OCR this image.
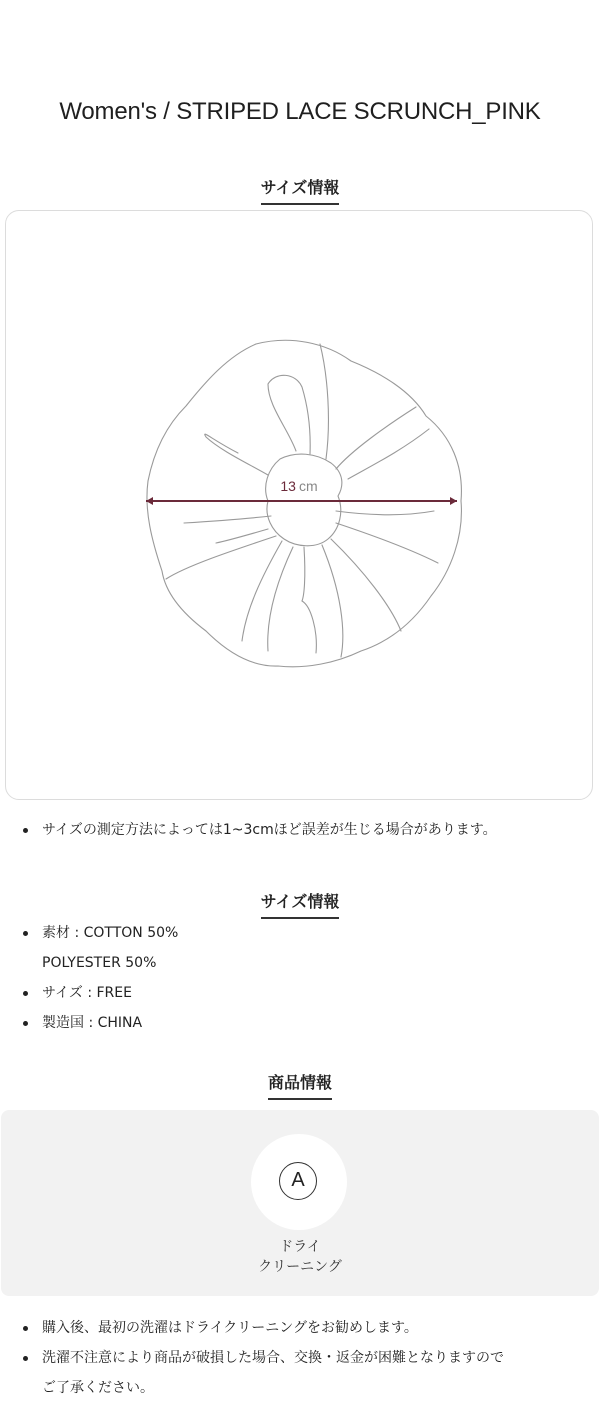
Women's / STRIPED LACE SCRUNCH_PINK
サイズ情報
13 cm
サイズの測定方法によっては1~3cmほど誤差が生じる場合があります。
サイズ情報
素材 : COTTON 50%
POLYESTER 50%
サイズ : FREE
製造国 : CHINA
商品情報
A
ドライ
クリーニング
購入後、最初の洗濯はドライクリーニングをお勧めします。
洗濯不注意により商品が破損した場合、交換・返金が困難となりますので
ご了承ください。
